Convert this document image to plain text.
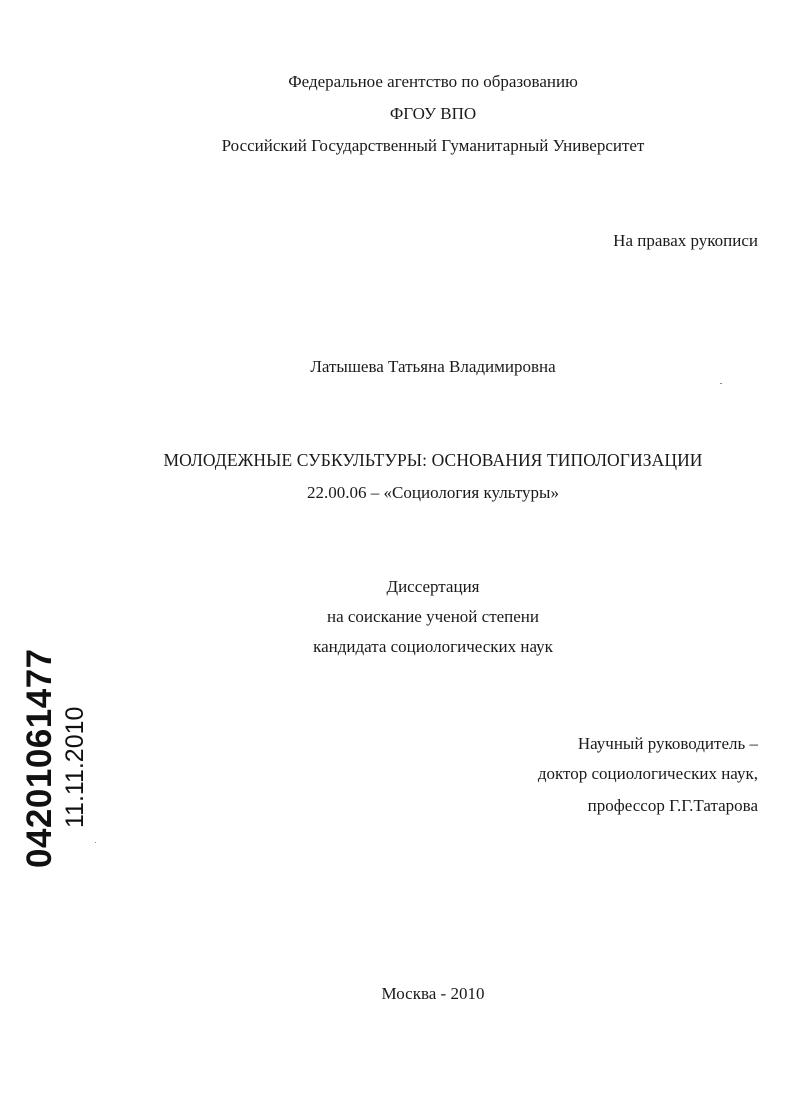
Федеральное агентство по образованию
ФГОУ ВПО
Российский Государственный Гуманитарный Университет
На правах рукописи
Латышева Татьяна Владимировна
МОЛОДЕЖНЫЕ СУБКУЛЬТУРЫ: ОСНОВАНИЯ ТИПОЛОГИЗАЦИИ
22.00.06 – «Социология культуры»
Диссертация
на соискание ученой степени
кандидата социологических наук
Научный руководитель –
доктор социологических наук,
профессор Г.Г.Татарова
Москва - 2010
04201061477 11.11.2010
